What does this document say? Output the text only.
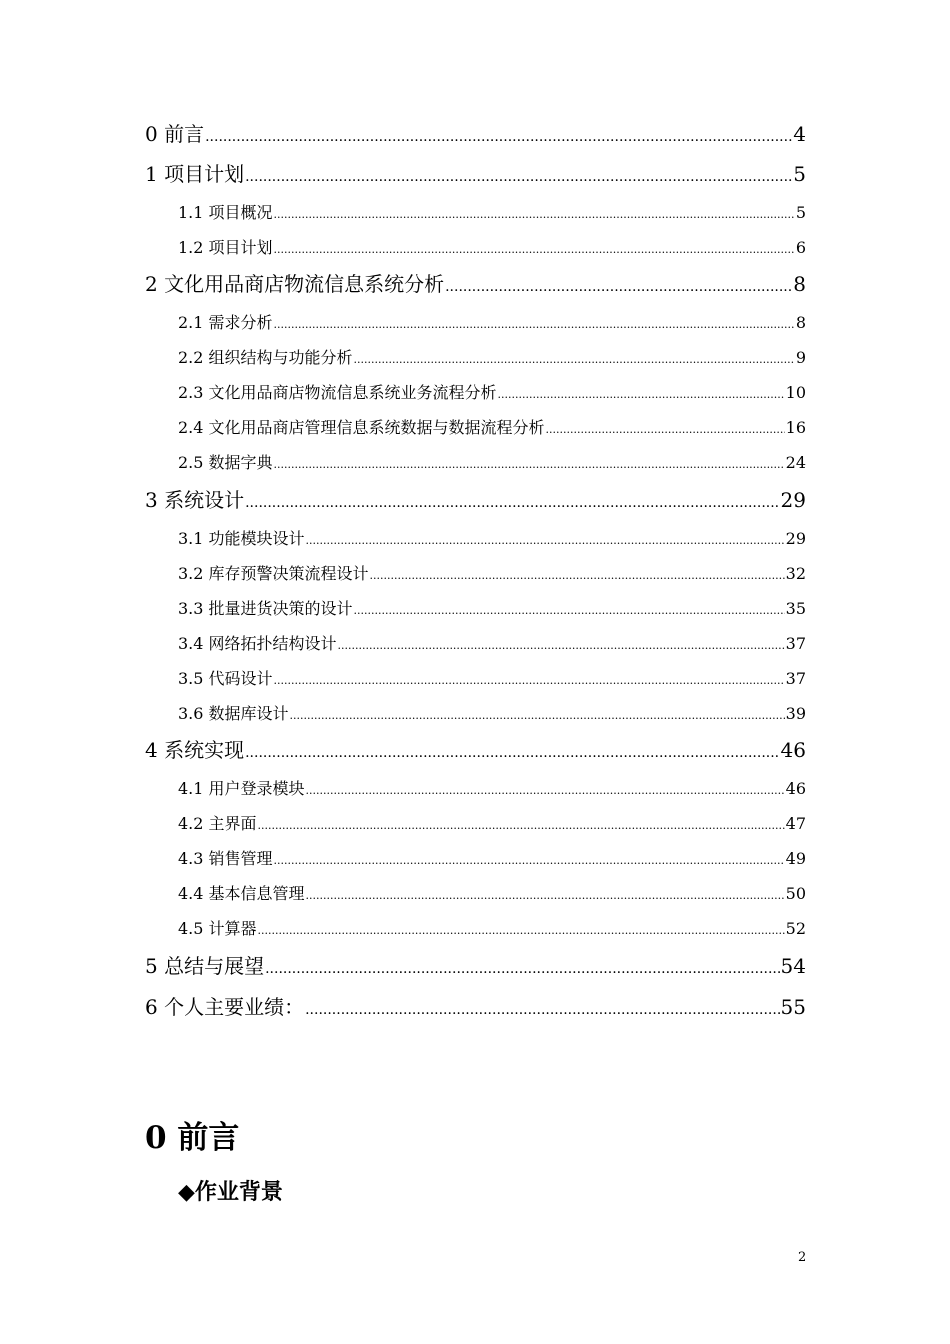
0 前言 .....	4
1 项目计划 .....	5
1.1 项目概况 .....	5
1.2 项目计划 .....	6
2 文化用品商店物流信息系统分析 .....	8
2.1 需求分析 .....	8
2.2 组织结构与功能分析 .....	9
2.3 文化用品商店物流信息系统业务流程分析 .....	10
2.4 文化用品商店管理信息系统数据与数据流程分析 .....	16
2.5 数据字典 .....	24
3 系统设计 .....	29
3.1 功能模块设计 .....	29
3.2 库存预警决策流程设计 .....	32
3.3 批量进货决策的设计 .....	35
3.4 网络拓扑结构设计 .....	37
3.5 代码设计 .....	37
3.6 数据库设计 .....	39
4 系统实现 .....	46
4.1 用户登录模块 .....	46
4.2 主界面 .....	47
4.3 销售管理 .....	49
4.4 基本信息管理 .....	50
4.5 计算器 .....	52
5 总结与展望 .....	54
6 个人主要业绩： .....	55
0 前言
◆作业背景
2
